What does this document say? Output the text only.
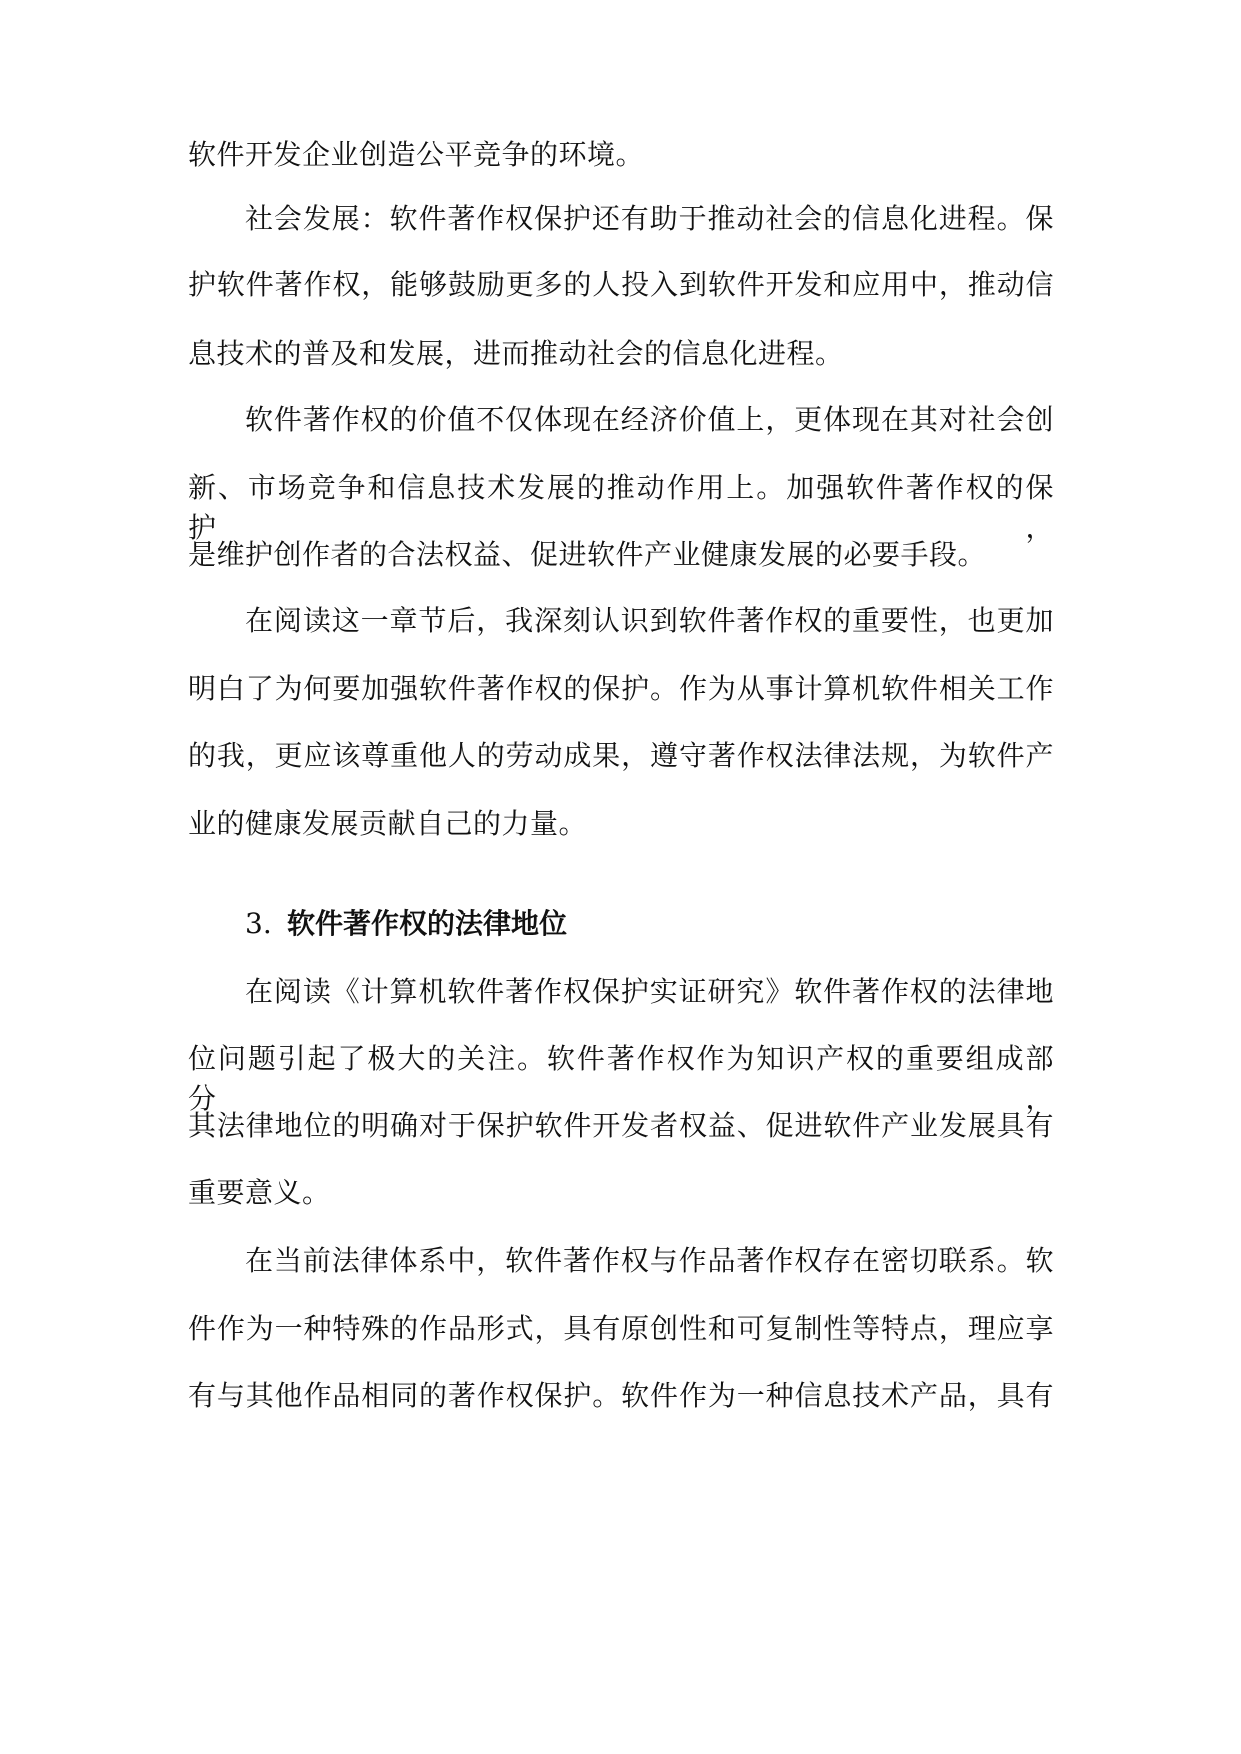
软件开发企业创造公平竞争的环境。
社会发展：软件著作权保护还有助于推动社会的信息化进程。保
护软件著作权，能够鼓励更多的人投入到软件开发和应用中，推动信
息技术的普及和发展，进而推动社会的信息化进程。
软件著作权的价值不仅体现在经济价值上，更体现在其对社会创
新、市场竞争和信息技术发展的推动作用上。加强软件著作权的保护，
是维护创作者的合法权益、促进软件产业健康发展的必要手段。
在阅读这一章节后，我深刻认识到软件著作权的重要性，也更加
明白了为何要加强软件著作权的保护。作为从事计算机软件相关工作
的我，更应该尊重他人的劳动成果，遵守著作权法律法规，为软件产
业的健康发展贡献自己的力量。
3. 软件著作权的法律地位
在阅读《计算机软件著作权保护实证研究》软件著作权的法律地
位问题引起了极大的关注。软件著作权作为知识产权的重要组成部分，
其法律地位的明确对于保护软件开发者权益、促进软件产业发展具有
重要意义。
在当前法律体系中，软件著作权与作品著作权存在密切联系。软
件作为一种特殊的作品形式，具有原创性和可复制性等特点，理应享
有与其他作品相同的著作权保护。软件作为一种信息技术产品，具有
